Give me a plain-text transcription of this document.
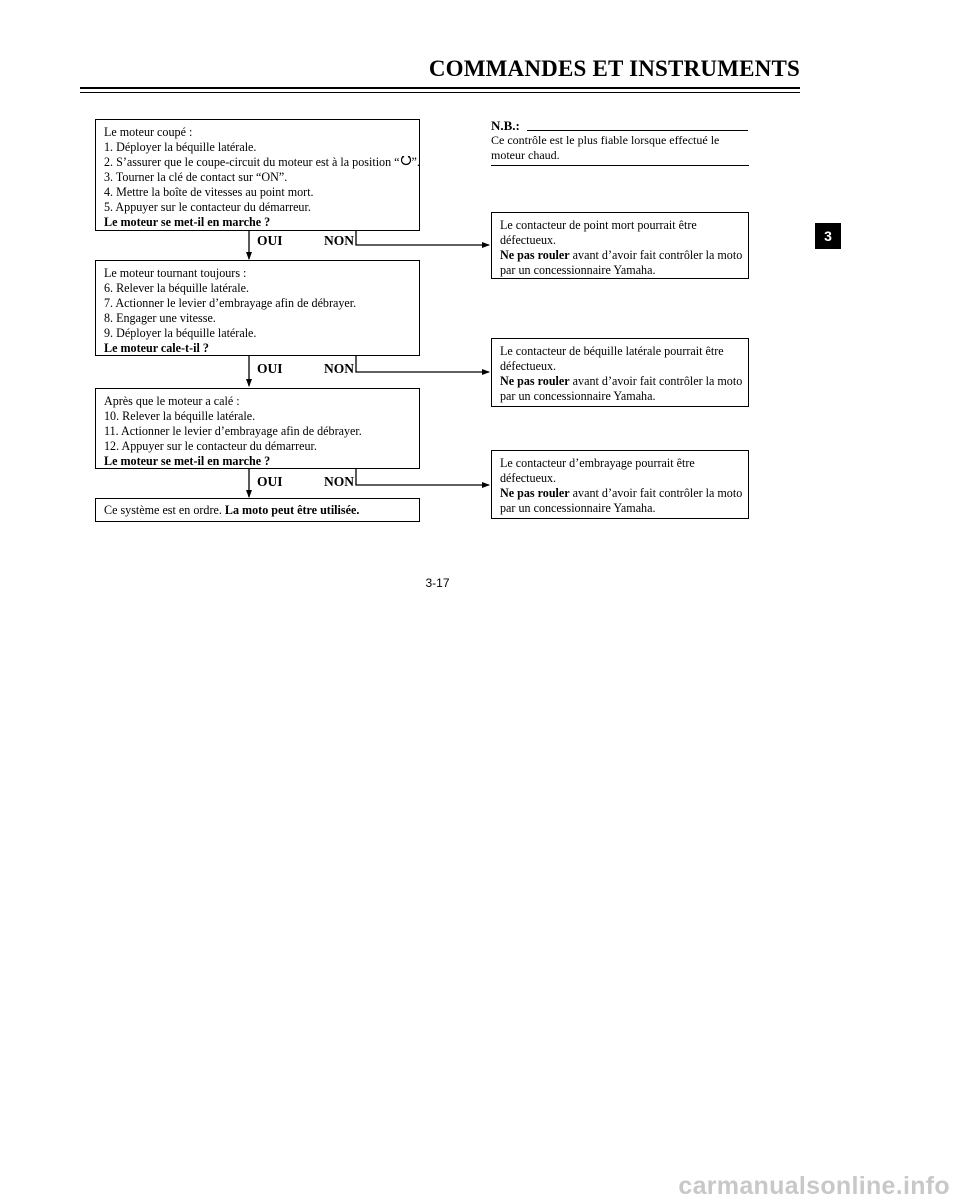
COMMANDES ET INSTRUMENTS
Le moteur coupé :
1. Déployer la béquille latérale.
2. S’assurer que le coupe-circuit du moteur est à la position “ ”.
3. Tourner la clé de contact sur “ON”.
4. Mettre la boîte de vitesses au point mort.
5. Appuyer sur le contacteur du démarreur.
Le moteur se met-il en marche ?
OUI	NON
Le moteur tournant toujours :
6. Relever la béquille latérale.
7. Actionner le levier d’embrayage afin de débrayer.
8. Engager une vitesse.
9. Déployer la béquille latérale.
Le moteur cale-t-il ?
OUI	NON
Après que le moteur a calé :
10. Relever la béquille latérale.
11. Actionner le levier d’embrayage afin de débrayer.
12. Appuyer sur le contacteur du démarreur.
Le moteur se met-il en marche ?
OUI	NON
Ce système est en ordre. La moto peut être utilisée.
N.B.:
Ce contrôle est le plus fiable lorsque effectué le moteur chaud.
Le contacteur de point mort pourrait être
défectueux.
Ne pas rouler avant d’avoir fait contrôler la moto
par un concessionnaire Yamaha.
Le contacteur de béquille latérale pourrait être
défectueux.
Ne pas rouler avant d’avoir fait contrôler la moto
par un concessionnaire Yamaha.
Le contacteur d’embrayage pourrait être
défectueux.
Ne pas rouler avant d’avoir fait contrôler la moto
par un concessionnaire Yamaha.
3
3-17
carmanualsonline.info
